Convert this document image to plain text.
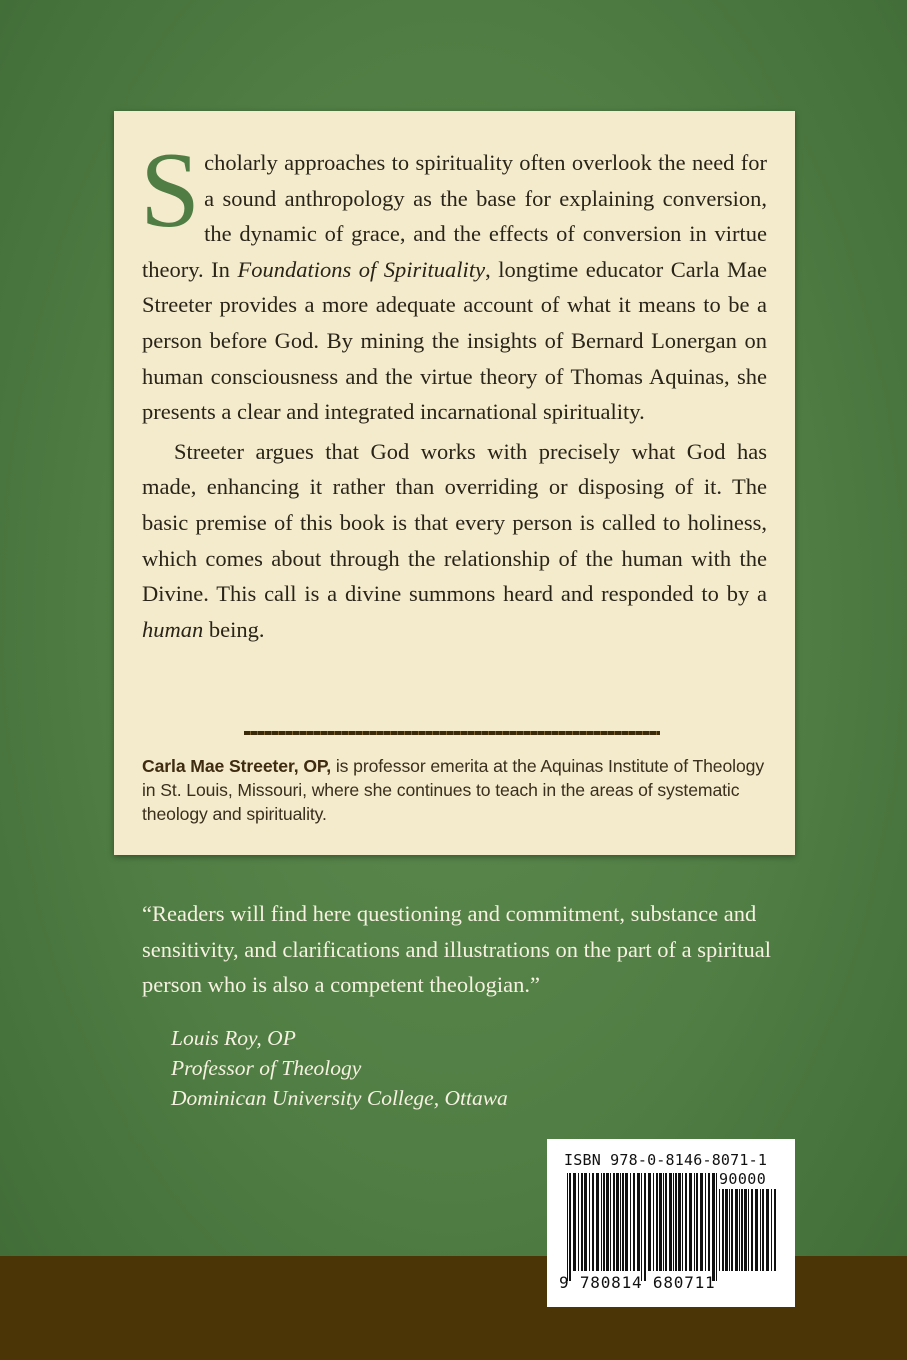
Scholarly approaches to spirituality often overlook the need for a sound anthropology as the base for explaining conversion, the dynamic of grace, and the effects of conversion in virtue theory. In Foundations of Spirituality, longtime educator Carla Mae Streeter provides a more adequate account of what it means to be a person before God. By mining the insights of Bernard Lonergan on human consciousness and the virtue theory of Thomas Aquinas, she presents a clear and integrated incarnational spirituality.

Streeter argues that God works with precisely what God has made, enhancing it rather than overriding or disposing of it. The basic premise of this book is that every person is called to holiness, which comes about through the relationship of the human with the Divine. This call is a divine summons heard and responded to by a human being.

Carla Mae Streeter, OP, is professor emerita at the Aquinas Institute of Theology in St. Louis, Missouri, where she continues to teach in the areas of systematic theology and spirituality.
“Readers will find here questioning and commitment, substance and sensitivity, and clarifications and illustrations on the part of a spiritual person who is also a competent theologian.”
Louis Roy, OP
Professor of Theology
Dominican University College, Ottawa
ISBN 978-0-8146-8071-1
90000
9 780814 680711
